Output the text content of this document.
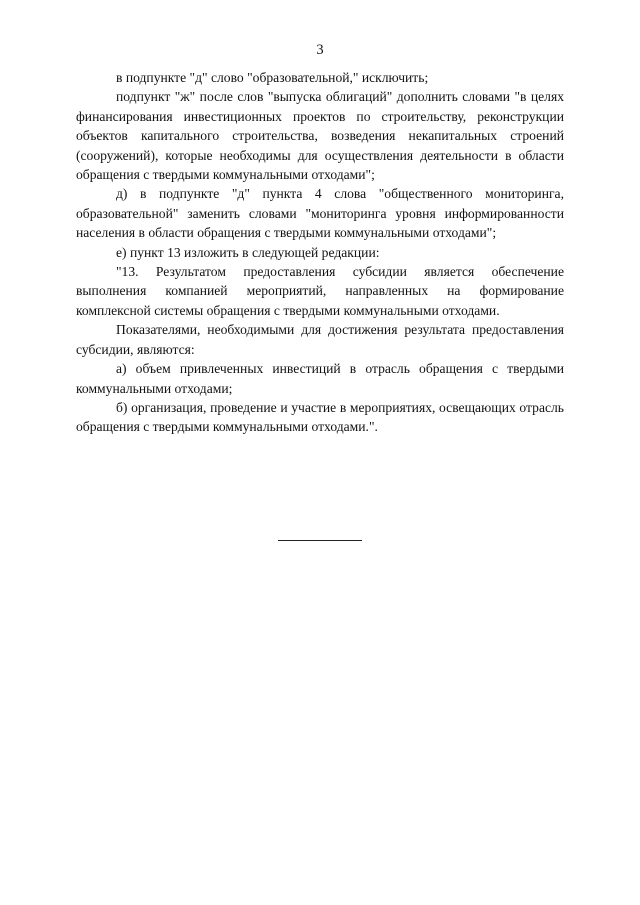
3

в подпункте "д" слово "образовательной," исключить;

подпункт "ж" после слов "выпуска облигаций" дополнить словами "в целях финансирования инвестиционных проектов по строительству, реконструкции объектов капитального строительства, возведения некапитальных строений (сооружений), которые необходимы для осуществления деятельности в области обращения с твердыми коммунальными отходами";

д) в подпункте "д" пункта 4 слова "общественного мониторинга, образовательной" заменить словами "мониторинга уровня информированности населения в области обращения с твердыми коммунальными отходами";

е) пункт 13 изложить в следующей редакции:

"13. Результатом предоставления субсидии является обеспечение выполнения компанией мероприятий, направленных на формирование комплексной системы обращения с твердыми коммунальными отходами.

Показателями, необходимыми для достижения результата предоставления субсидии, являются:

а) объем привлеченных инвестиций в отрасль обращения с твердыми коммунальными отходами;

б) организация, проведение и участие в мероприятиях, освещающих отрасль обращения с твердыми коммунальными отходами.".
